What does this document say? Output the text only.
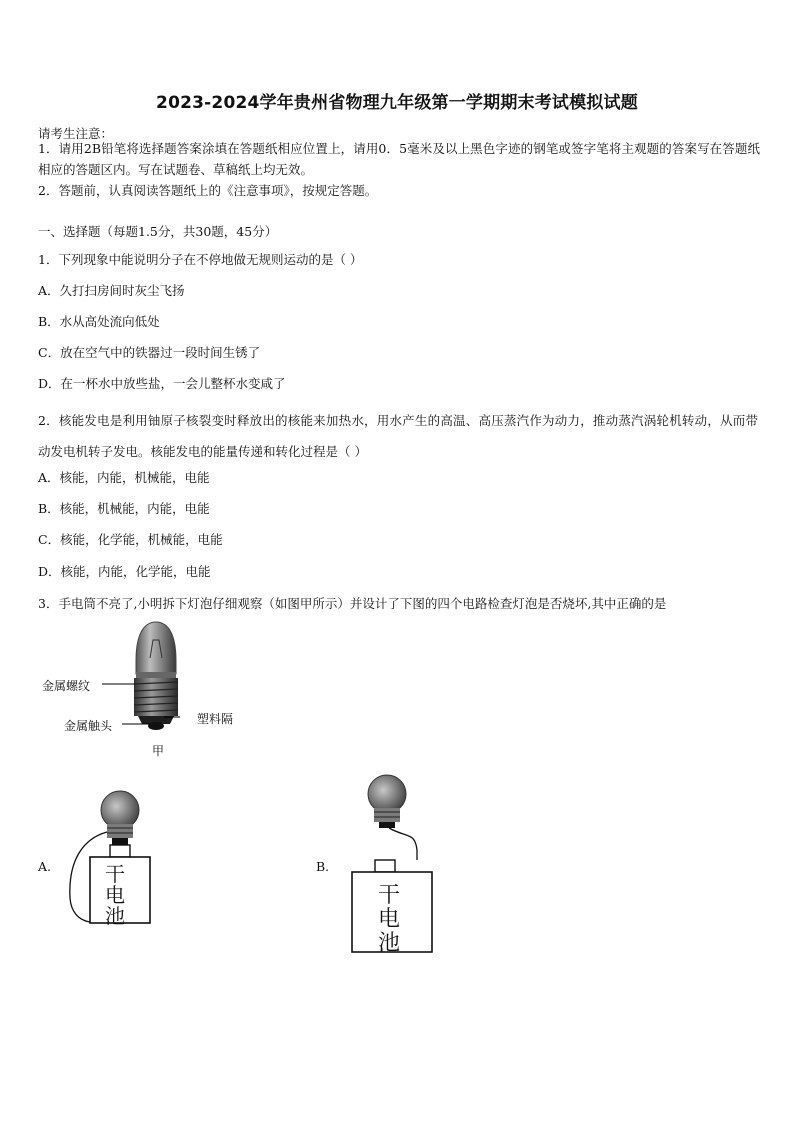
2023-2024学年贵州省物理九年级第一学期期末考试模拟试题
请考生注意：
1．请用2B铅笔将选择题答案涂填在答题纸相应位置上，请用0．5毫米及以上黑色字迹的钢笔或签字笔将主观题的答案写在答题纸相应的答题区内。写在试题卷、草稿纸上均无效。
2．答题前，认真阅读答题纸上的《注意事项》，按规定答题。
一、选择题（每题1.5分，共30题，45分）
1．下列现象中能说明分子在不停地做无规则运动的是（ ）
A．久打扫房间时灰尘飞扬
B．水从高处流向低处
C．放在空气中的铁器过一段时间生锈了
D．在一杯水中放些盐，一会儿整杯水变咸了
2．核能发电是利用铀原子核裂变时释放出的核能来加热水，用水产生的高温、高压蒸汽作为动力，推动蒸汽涡轮机转动，从而带动发电机转子发电。核能发电的能量传递和转化过程是（ ）
A．核能，内能，机械能，电能
B．核能，机械能，内能，电能
C．核能，化学能，机械能，电能
D．核能，内能，化学能，电能
3．手电筒不亮了,小明拆下灯泡仔细观察（如图甲所示）并设计了下图的四个电路检查灯泡是否烧坏,其中正确的是
金属螺纹
金属触头	塑料隔
甲
A.	干
电
池
B.
干
电
池
